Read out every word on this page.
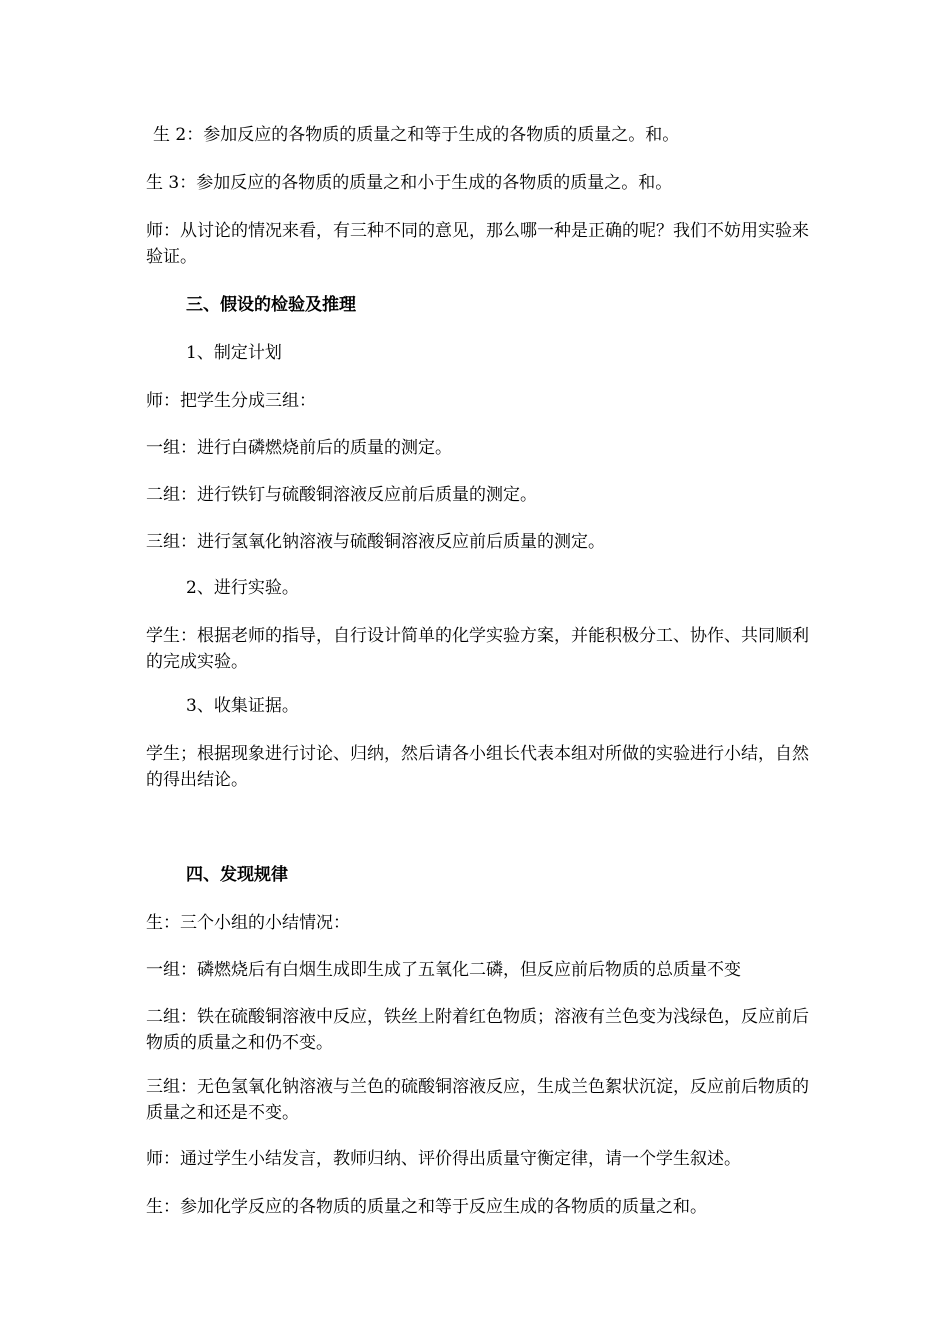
生 2：参加反应的各物质的质量之和等于生成的各物质的质量之。和。

生 3：参加反应的各物质的质量之和小于生成的各物质的质量之。和。

师：从讨论的情况来看，有三种不同的意见，那么哪一种是正确的呢？我们不妨用实验来验证。

三、假设的检验及推理

1、制定计划

师：把学生分成三组：

一组：进行白磷燃烧前后的质量的测定。

二组：进行铁钉与硫酸铜溶液反应前后质量的测定。

三组：进行氢氧化钠溶液与硫酸铜溶液反应前后质量的测定。

2、进行实验。

学生：根据老师的指导，自行设计简单的化学实验方案，并能积极分工、协作、共同顺利的完成实验。

3、收集证据。

学生；根据现象进行讨论、归纳，然后请各小组长代表本组对所做的实验进行小结，自然的得出结论。

四、发现规律

生：三个小组的小结情况：

一组：磷燃烧后有白烟生成即生成了五氧化二磷，但反应前后物质的总质量不变

二组：铁在硫酸铜溶液中反应，铁丝上附着红色物质；溶液有兰色变为浅绿色，反应前后物质的质量之和仍不变。

三组：无色氢氧化钠溶液与兰色的硫酸铜溶液反应，生成兰色絮状沉淀，反应前后物质的质量之和还是不变。

师：通过学生小结发言，教师归纳、评价得出质量守衡定律，请一个学生叙述。

生：参加化学反应的各物质的质量之和等于反应生成的各物质的质量之和。
